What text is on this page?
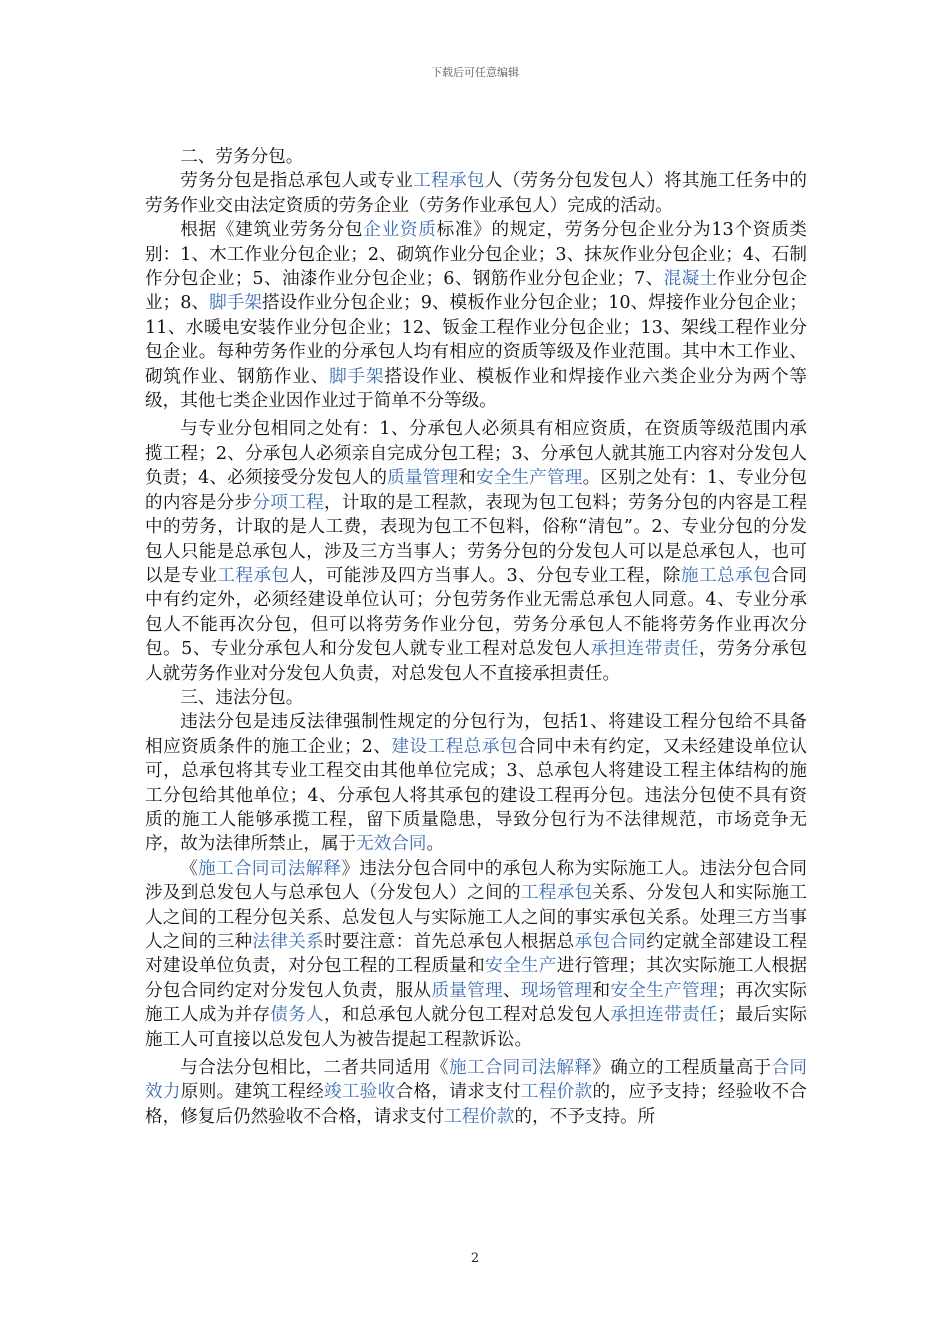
下载后可任意编辑

二、劳务分包。

劳务分包是指总承包人或专业工程承包人（劳务分包发包人）将其施工任务中的劳务作业交由法定资质的劳务企业（劳务作业承包人）完成的活动。

根据《建筑业劳务分包企业资质标准》的规定，劳务分包企业分为13个资质类别：1、木工作业分包企业；2、砌筑作业分包企业；3、抹灰作业分包企业；4、石制作分包企业；5、油漆作业分包企业；6、钢筋作业分包企业；7、混凝土作业分包企业；8、脚手架搭设作业分包企业；9、模板作业分包企业；10、焊接作业分包企业；11、水暖电安装作业分包企业；12、钣金工程作业分包企业；13、架线工程作业分包企业。每种劳务作业的分承包人均有相应的资质等级及作业范围。其中木工作业、砌筑作业、钢筋作业、脚手架搭设作业、模板作业和焊接作业六类企业分为两个等级，其他七类企业因作业过于简单不分等级。

与专业分包相同之处有：1、分承包人必须具有相应资质，在资质等级范围内承揽工程；2、分承包人必须亲自完成分包工程；3、分承包人就其施工内容对分发包人负责；4、必须接受分发包人的质量管理和安全生产管理。区别之处有：1、专业分包的内容是分步分项工程，计取的是工程款，表现为包工包料；劳务分包的内容是工程中的劳务，计取的是人工费，表现为包工不包料，俗称“清包”。2、专业分包的分发包人只能是总承包人，涉及三方当事人；劳务分包的分发包人可以是总承包人，也可以是专业工程承包人，可能涉及四方当事人。3、分包专业工程，除施工总承包合同中有约定外，必须经建设单位认可；分包劳务作业无需总承包人同意。4、专业分承包人不能再次分包，但可以将劳务作业分包，劳务分承包人不能将劳务作业再次分包。5、专业分承包人和分发包人就专业工程对总发包人承担连带责任，劳务分承包人就劳务作业对分发包人负责，对总发包人不直接承担责任。

三、违法分包。

违法分包是违反法律强制性规定的分包行为，包括1、将建设工程分包给不具备相应资质条件的施工企业；2、建设工程总承包合同中未有约定，又未经建设单位认可，总承包将其专业工程交由其他单位完成；3、总承包人将建设工程主体结构的施工分包给其他单位；4、分承包人将其承包的建设工程再分包。违法分包使不具有资质的施工人能够承揽工程，留下质量隐患，导致分包行为不法律规范，市场竞争无序，故为法律所禁止，属于无效合同。

《施工合同司法解释》违法分包合同中的承包人称为实际施工人。违法分包合同涉及到总发包人与总承包人（分发包人）之间的工程承包关系、分发包人和实际施工人之间的工程分包关系、总发包人与实际施工人之间的事实承包关系。处理三方当事人之间的三种法律关系时要注意：首先总承包人根据总承包合同约定就全部建设工程对建设单位负责，对分包工程的工程质量和安全生产进行管理；其次实际施工人根据分包合同约定对分发包人负责，服从质量管理、现场管理和安全生产管理；再次实际施工人成为并存债务人，和总承包人就分包工程对总发包人承担连带责任；最后实际施工人可直接以总发包人为被告提起工程款诉讼。

与合法分包相比，二者共同适用《施工合同司法解释》确立的工程质量高于合同效力原则。建筑工程经竣工验收合格，请求支付工程价款的，应予支持；经验收不合格，修复后仍然验收不合格，请求支付工程价款的，不予支持。所

2
